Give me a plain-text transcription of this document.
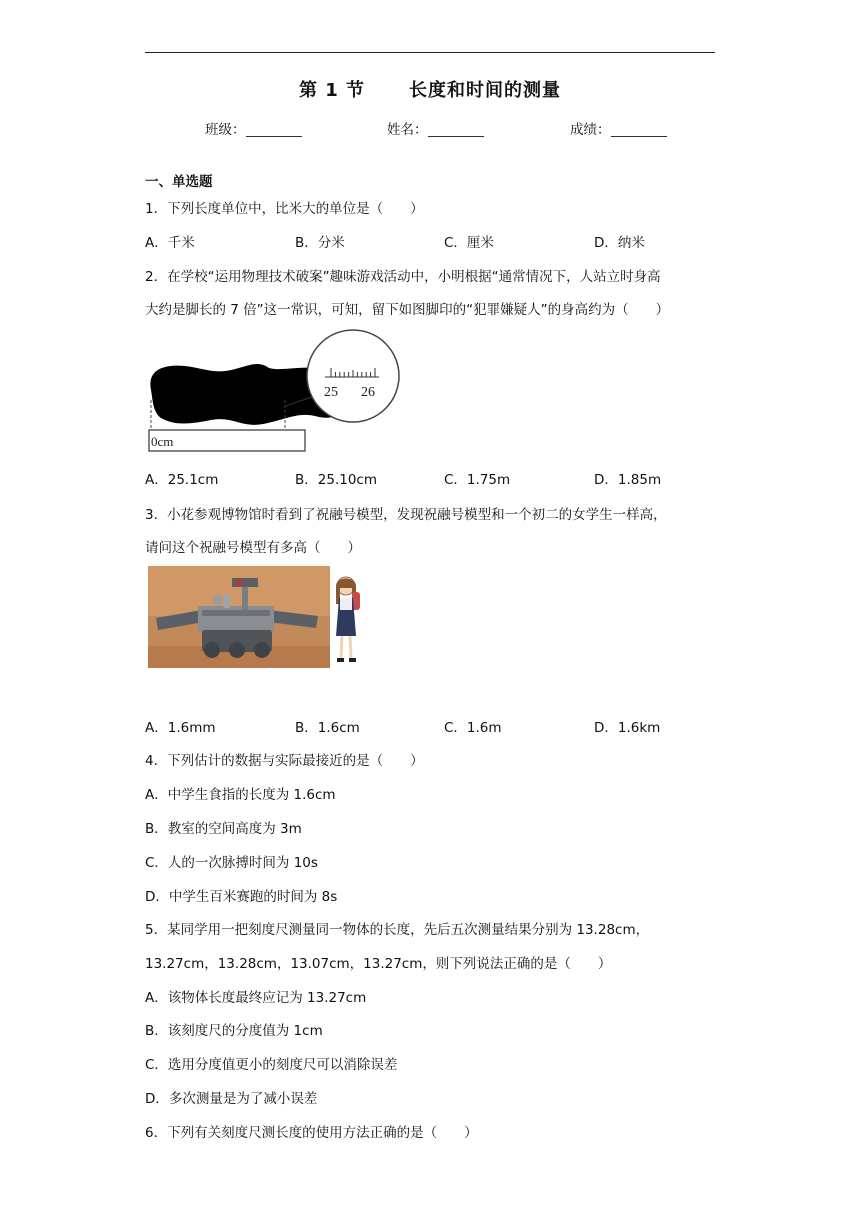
第 1 节 长度和时间的测量
班级：	姓名：	成绩：
一、单选题
1．下列长度单位中，比米大的单位是（　　）
A．千米	B．分米	C．厘米	D．纳米
2．在学校“运用物理技术破案”趣味游戏活动中，小明根据“通常情况下，人站立时身高
大约是脚长的 7 倍”这一常识，可知，留下如图脚印的“犯罪嫌疑人”的身高约为（　　）
0cm
25 26
A．25.1cm	B．25.10cm	C．1.75m	D．1.85m
3．小花参观博物馆时看到了祝融号模型，发现祝融号模型和一个初二的女学生一样高，
请问这个祝融号模型有多高（　　）
A．1.6mm	B．1.6cm	C．1.6m	D．1.6km
4．下列估计的数据与实际最接近的是（　　）
A．中学生食指的长度为 1.6cm
B．教室的空间高度为 3m
C．人的一次脉搏时间为 10s
D．中学生百米赛跑的时间为 8s
5．某同学用一把刻度尺测量同一物体的长度，先后五次测量结果分别为 13.28cm，
13.27cm，13.28cm，13.07cm，13.27cm，则下列说法正确的是（　　）
A．该物体长度最终应记为 13.27cm
B．该刻度尺的分度值为 1cm
C．选用分度值更小的刻度尺可以消除误差
D．多次测量是为了减小误差
6．下列有关刻度尺测长度的使用方法正确的是（　　）
